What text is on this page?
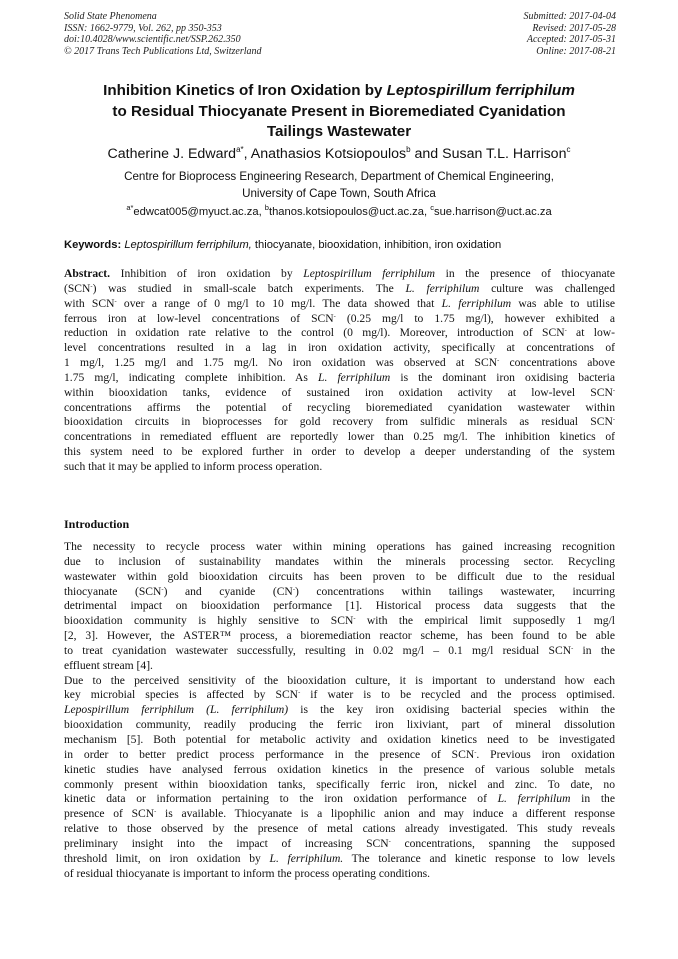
Solid State Phenomena
ISSN: 1662-9779, Vol. 262, pp 350-353
doi:10.4028/www.scientific.net/SSP.262.350
© 2017 Trans Tech Publications Ltd, Switzerland
Submitted: 2017-04-04
Revised: 2017-05-28
Accepted: 2017-05-31
Online: 2017-08-21
Inhibition Kinetics of Iron Oxidation by Leptospirillum ferriphilum
to Residual Thiocyanate Present in Bioremediated Cyanidation
Tailings Wastewater
Catherine J. Edward$^{a*}$, Anathasios Kotsiopoulos$^b$ and Susan T.L. Harrison$^c$
Centre for Bioprocess Engineering Research, Department of Chemical Engineering,
University of Cape Town, South Africa
$^{a*}$edwcat005@myuct.ac.za, $^b$thanos.kotsiopoulos@uct.ac.za, $^c$sue.harrison@uct.ac.za
Keywords: Leptospirillum ferriphilum, thiocyanate, biooxidation, inhibition, iron oxidation
Abstract. Inhibition of iron oxidation by Leptospirillum ferriphilum in the presence of thiocyanate
(SCN-) was studied in small-scale batch experiments. The L. ferriphilum culture was challenged
with SCN- over a range of 0 mg/l to 10 mg/l. The data showed that L. ferriphilum was able to utilise
ferrous iron at low-level concentrations of SCN- (0.25 mg/l to 1.75 mg/l), however exhibited a
reduction in oxidation rate relative to the control (0 mg/l). Moreover, introduction of SCN- at low-
level concentrations resulted in a lag in iron oxidation activity, specifically at concentrations of
1 mg/l, 1.25 mg/l and 1.75 mg/l. No iron oxidation was observed at SCN- concentrations above
1.75 mg/l, indicating complete inhibition. As L. ferriphilum is the dominant iron oxidising bacteria
within biooxidation tanks, evidence of sustained iron oxidation activity at low-level SCN-
concentrations affirms the potential of recycling bioremediated cyanidation wastewater within
biooxidation circuits in bioprocesses for gold recovery from sulfidic minerals as residual SCN-
concentrations in remediated effluent are reportedly lower than 0.25 mg/l. The inhibition kinetics of
this system need to be explored further in order to develop a deeper understanding of the system
such that it may be applied to inform process operation.
Introduction
The necessity to recycle process water within mining operations has gained increasing recognition
due to inclusion of sustainability mandates within the minerals processing sector. Recycling
wastewater within gold biooxidation circuits has been proven to be difficult due to the residual
thiocyanate (SCN-) and cyanide (CN-) concentrations within tailings wastewater, incurring
detrimental impact on biooxidation performance [1]. Historical process data suggests that the
biooxidation community is highly sensitive to SCN- with the empirical limit supposedly 1 mg/l
[2, 3]. However, the ASTER™ process, a bioremediation reactor scheme, has been found to be able
to treat cyanidation wastewater successfully, resulting in 0.02 mg/l – 0.1 mg/l residual SCN- in the
effluent stream [4].
Due to the perceived sensitivity of the biooxidation culture, it is important to understand how each
key microbial species is affected by SCN- if water is to be recycled and the process optimised.
Lepospirillum ferriphilum (L. ferriphilum) is the key iron oxidising bacterial species within the
biooxidation community, readily producing the ferric iron lixiviant, part of mineral dissolution
mechanism [5]. Both potential for metabolic activity and oxidation kinetics need to be investigated
in order to better predict process performance in the presence of SCN-. Previous iron oxidation
kinetic studies have analysed ferrous oxidation kinetics in the presence of various soluble metals
commonly present within biooxidation tanks, specifically ferric iron, nickel and zinc. To date, no
kinetic data or information pertaining to the iron oxidation performance of L. ferriphilum in the
presence of SCN- is available. Thiocyanate is a lipophilic anion and may induce a different response
relative to those observed by the presence of metal cations already investigated. This study reveals
preliminary insight into the impact of increasing SCN- concentrations, spanning the supposed
threshold limit, on iron oxidation by L. ferriphilum. The tolerance and kinetic response to low levels
of residual thiocyanate is important to inform the process operating conditions.
